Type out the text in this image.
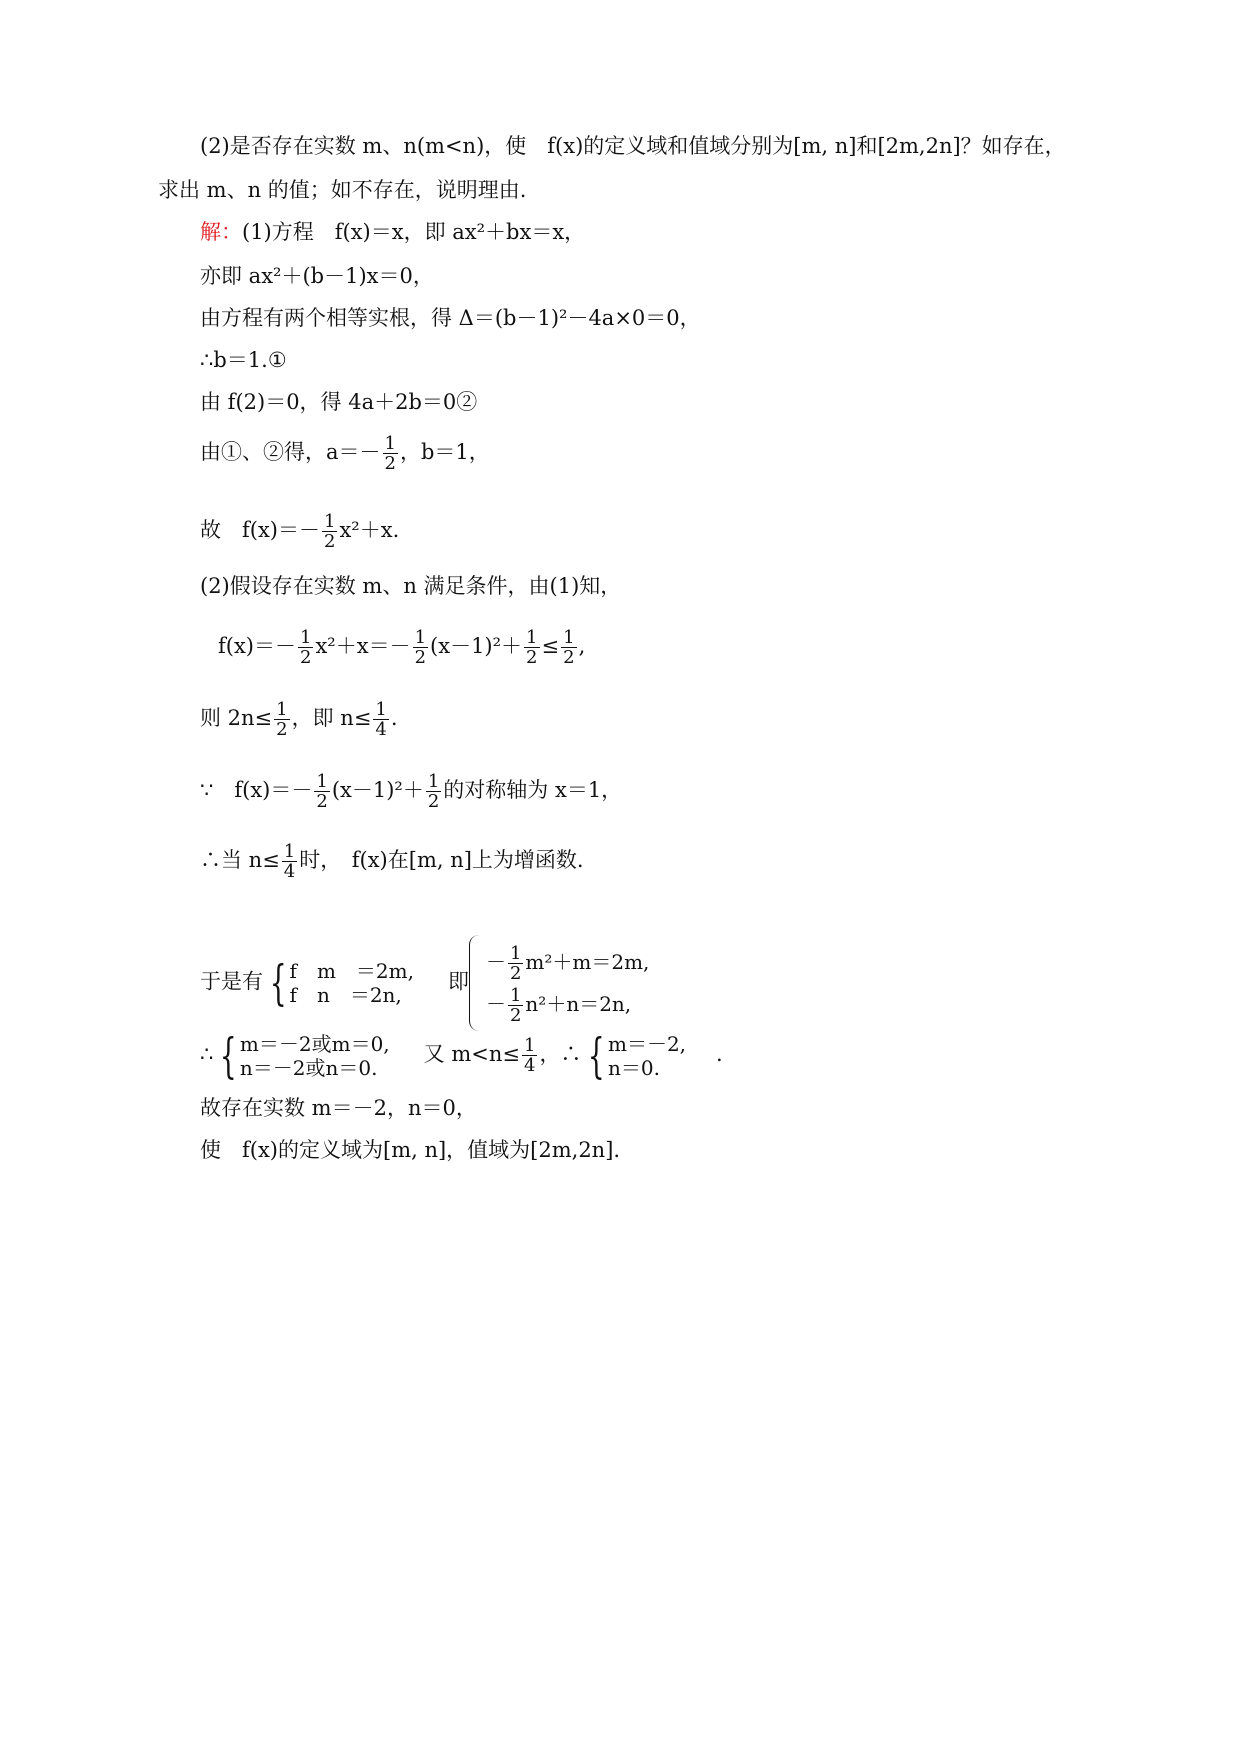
(2)是否存在实数 m、n(m<n)，使　f(x)的定义域和值域分别为[m, n]和[2m,2n]？如存在，
求出 m、n 的值；如不存在，说明理由.
解：(1)方程　f(x)＝x，即 ax²＋bx＝x，
亦即 ax²＋(b－1)x＝0，
由方程有两个相等实根，得 Δ＝(b－1)²－4a×0＝0，
∴b＝1.①
由 f(2)＝0，得 4a＋2b＝0②
由①、②得，$a=- \frac{1}{2}$ ，b＝1，
故　$f(x)=- \frac{1}{2} x^2+x$.
(2)假设存在实数 m、n 满足条件，由(1)知，
$f(x)=- \frac{1}{2} x^2+x=- \frac{1}{2} (x-1)^2+ \frac{1}{2} \le \frac{1}{2}$ ,
则 $2n\le \frac{1}{2}$ ，即 $n\le \frac{1}{4}$ .
∵　$f(x)=- \frac{1}{2} (x-1)^2+ \frac{1}{2}$ 的对称轴为 x＝1，
∴当 $n\le \frac{1}{4}$ 时，　f(x)在[m, n]上为增函数.
于是有 { f　m　＝2m,
f　n　＝2n,
即
－ $\frac{1}{2} m^2+m=2m$,
－ $\frac{1}{2} n^2+n=2n$,
∴ { m＝－2或m＝0,
n＝－2或n＝0.
又 $m<n\le \frac{1}{4}$ ，∴ { m＝－2,
n＝0.
.
故存在实数 m＝－2，n＝0，
使　f(x)的定义域为[m, n]，值域为[2m,2n].
